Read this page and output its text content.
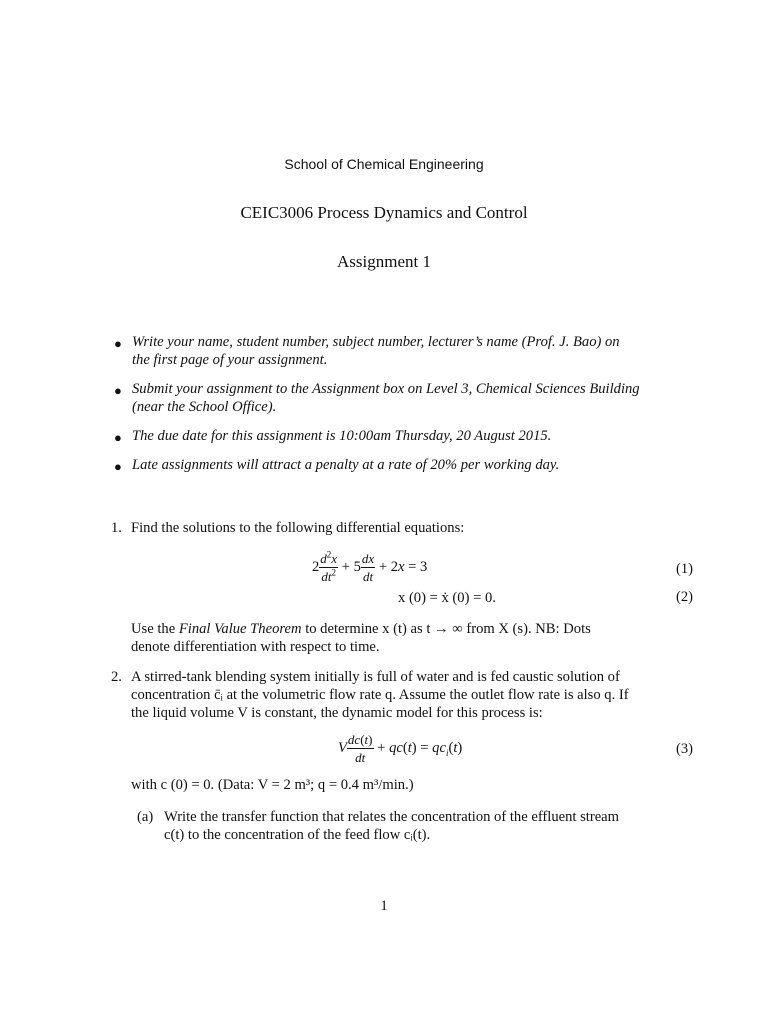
School of Chemical Engineering
CEIC3006 Process Dynamics and Control
Assignment 1
● Write your name, student number, subject number, lecturer’s name (Prof. J. Bao) on
the first page of your assignment.
● Submit your assignment to the Assignment box on Level 3, Chemical Sciences Building
(near the School Office).
● The due date for this assignment is 10:00am Thursday, 20 August 2015.
● Late assignments will attract a penalty at a rate of 20% per working day.
1. Find the solutions to the following differential equations:
$2 \frac{d^2x}{dt^2} + 5 \frac{dx}{dt} + 2x = 3$	(1)
x (0) = ẋ (0) = 0.	(2)
Use the Final Value Theorem to determine x (t) as t → ∞ from X (s). NB: Dots
denote differentiation with respect to time.
2. A stirred-tank blending system initially is full of water and is fed caustic solution of
concentration c̄ᵢ at the volumetric flow rate q. Assume the outlet flow rate is also q. If
the liquid volume V is constant, the dynamic model for this process is:
V $\frac{dc(t)}{dt} + qc(t) = qc_i(t)$	(3)
with c (0) = 0. (Data: V = 2 m³; q = 0.4 m³/min.)
(a) Write the transfer function that relates the concentration of the effluent stream
c(t) to the concentration of the feed flow cᵢ(t).
1
